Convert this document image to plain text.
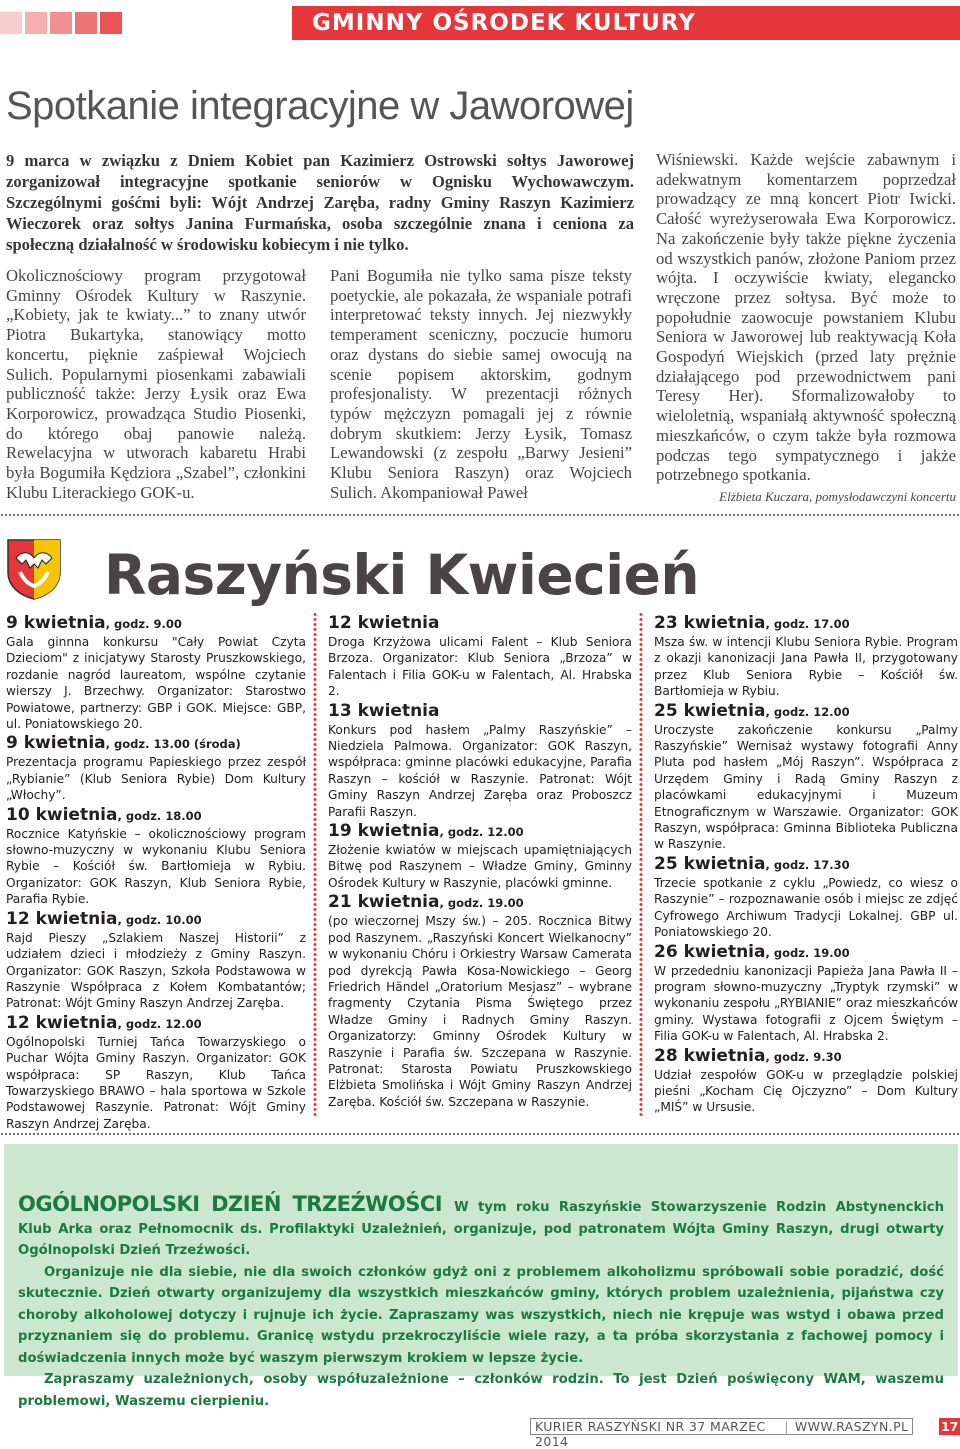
GMINNY OŚRODEK KULTURY
Spotkanie integracyjne w Jaworowej

9 marca w związku z Dniem Kobiet pan Kazimierz Ostrowski sołtys Jaworowej zorganizował integracyjne spotkanie seniorów w Ognisku Wychowawczym. Szczególnymi gośćmi byli: Wójt Andrzej Zaręba, radny Gminy Raszyn Kazimierz Wieczorek oraz sołtys Janina Furmańska, osoba szczególnie znana i ceniona za społeczną działalność w środowisku kobiecym i nie tylko.

Okolicznościowy program przygotował Gminny Ośrodek Kultury w Raszynie. „Kobiety, jak te kwiaty...” to znany utwór Piotra Bukartyka, stanowiący motto koncertu, pięknie zaśpiewał Wojciech Sulich. Popularnymi piosenkami zabawiali publiczność także: Jerzy Łysik oraz Ewa Korporowicz, prowadząca Studio Piosenki, do którego obaj panowie należą. Rewelacyjna w utworach kabaretu Hrabi była Bogumiła Kędziora „Szabel”, członkini Klubu Literackiego GOK-u.

Pani Bogumiła nie tylko sama pisze teksty poetyckie, ale pokazała, że wspaniale potrafi interpretować teksty innych. Jej niezwykły temperament sceniczny, poczucie humoru oraz dystans do siebie samej owocują na scenie popisem aktorskim, godnym profesjonalisty. W prezentacji różnych typów mężczyzn pomagali jej z równie dobrym skutkiem: Jerzy Łysik, Tomasz Lewandowski (z zespołu „Barwy Jesieni” Klubu Seniora Raszyn) oraz Wojciech Sulich. Akompaniował Paweł

Wiśniewski. Każde wejście zabawnym i adekwatnym komentarzem poprzedzał prowadzący ze mną koncert Piotr Iwicki. Całość wyreżyserowała Ewa Korporowicz. Na zakończenie były także piękne życzenia od wszystkich panów, złożone Paniom przez wójta. I oczywiście kwiaty, elegancko wręczone przez sołtysa. Być może to popołudnie zaowocuje powstaniem Klubu Seniora w Jaworowej lub reaktywacją Koła Gospodyń Wiejskich (przed laty prężnie działającego pod przewodnictwem pani Teresy Her). Sformalizowałoby to wieloletnią, wspaniałą aktywność społeczną mieszkańców, o czym także była rozmowa podczas tego sympatycznego i jakże potrzebnego spotkania.
Elżbieta Kuczara, pomysłodawczyni koncertu
Raszyński Kwiecień
9 kwietnia, godz. 9.00
Gala ginnna konkursu "Cały Powiat Czyta Dzieciom" z inicjatywy Starosty Pruszkowskiego, rozdanie nagród laureatom, wspólne czytanie wierszy J. Brzechwy. Organizator: Starostwo Powiatowe, partnerzy: GBP i GOK. Miejsce: GBP, ul. Poniatowskiego 20.
9 kwietnia, godz. 13.00 (środa)
Prezentacja programu Papieskiego przez zespół „Rybianie” (Klub Seniora Rybie) Dom Kultury „Włochy”.
10 kwietnia, godz. 18.00
Rocznice Katyńskie – okolicznościowy program słowno-muzyczny w wykonaniu Klubu Seniora Rybie – Kościół św. Bartłomieja w Rybiu. Organizator: GOK Raszyn, Klub Seniora Rybie, Parafia Rybie.
12 kwietnia, godz. 10.00
Rajd Pieszy „Szlakiem Naszej Historii” z udziałem dzieci i młodzieży z Gminy Raszyn. Organizator: GOK Raszyn, Szkoła Podstawowa w Raszynie Współpraca z Kołem Kombatantów; Patronat: Wójt Gminy Raszyn Andrzej Zaręba.
12 kwietnia, godz. 12.00
Ogólnopolski Turniej Tańca Towarzyskiego o Puchar Wójta Gminy Raszyn. Organizator: GOK współpraca: SP Raszyn, Klub Tańca Towarzyskiego BRAWO – hala sportowa w Szkole Podstawowej Raszynie. Patronat: Wójt Gminy Raszyn Andrzej Zaręba.
12 kwietnia
Droga Krzyżowa ulicami Falent – Klub Seniora Brzoza. Organizator: Klub Seniora „Brzoza” w Falentach i Filia GOK-u w Falentach, Al. Hrabska 2.
13 kwietnia
Konkurs pod hasłem „Palmy Raszyńskie” – Niedziela Palmowa. Organizator: GOK Raszyn, współpraca: gminne placówki edukacyjne, Parafia Raszyn – kościół w Raszynie. Patronat: Wójt Gminy Raszyn Andrzej Zaręba oraz Proboszcz Parafii Raszyn.
19 kwietnia, godz. 12.00
Złożenie kwiatów w miejscach upamiętniających Bitwę pod Raszynem – Władze Gminy, Gminny Ośrodek Kultury w Raszynie, placówki gminne.
21 kwietnia, godz. 19.00
(po wieczornej Mszy św.) – 205. Rocznica Bitwy pod Raszynem. „Raszyński Koncert Wielkanocny” w wykonaniu Chóru i Orkiestry Warsaw Camerata pod dyrekcją Pawła Kosa-Nowickiego – Georg Friedrich Händel „Oratorium Mesjasz” – wybrane fragmenty Czytania Pisma Świętego przez Władze Gminy i Radnych Gminy Raszyn. Organizatorzy: Gminny Ośrodek Kultury w Raszynie i Parafia św. Szczepana w Raszynie. Patronat: Starosta Powiatu Pruszkowskiego Elżbieta Smolińska i Wójt Gminy Raszyn Andrzej Zaręba. Kościół św. Szczepana w Raszynie.
23 kwietnia, godz. 17.00
Msza św. w intencji Klubu Seniora Rybie. Program z okazji kanonizacji Jana Pawła II, przygotowany przez Klub Seniora Rybie – Kościół św. Bartłomieja w Rybiu.
25 kwietnia, godz. 12.00
Uroczyste zakończenie konkursu „Palmy Raszyńskie” Wernisaż wystawy fotografii Anny Pluta pod hasłem „Mój Raszyn”. Współpraca z Urzędem Gminy i Radą Gminy Raszyn z placówkami edukacyjnymi i Muzeum Etnograficznym w Warszawie. Organizator: GOK Raszyn, współpraca: Gminna Biblioteka Publiczna w Raszynie.
25 kwietnia, godz. 17.30
Trzecie spotkanie z cyklu „Powiedz, co wiesz o Raszynie” – rozpoznawanie osób i miejsc ze zdjęć Cyfrowego Archiwum Tradycji Lokalnej. GBP ul. Poniatowskiego 20.
26 kwietnia, godz. 19.00
W przededniu kanonizacji Papieża Jana Pawła II – program słowno-muzyczny „Tryptyk rzymski” w wykonaniu zespołu „RYBIANIE” oraz mieszkańców gminy. Wystawa fotografii z Ojcem Świętym – Filia GOK-u w Falentach, Al. Hrabska 2.
28 kwietnia, godz. 9.30
Udział zespołów GOK-u w przeglądzie polskiej pieśni „Kocham Cię Ojczyzno” – Dom Kultury „MIŚ” w Ursusie.

OGÓLNOPOLSKI DZIEŃ TRZEŹWOŚCI W tym roku Raszyńskie Stowarzyszenie Rodzin Abstynenckich Klub Arka oraz Pełnomocnik ds. Profilaktyki Uzależnień, organizuje, pod patronatem Wójta Gminy Raszyn, drugi otwarty Ogólnopolski Dzień Trzeźwości.

Organizuje nie dla siebie, nie dla swoich członków gdyż oni z problemem alkoholizmu spróbowali sobie poradzić, dość skutecznie. Dzień otwarty organizujemy dla wszystkich mieszkańców gminy, których problem uzależnienia, pijaństwa czy choroby alkoholowej dotyczy i rujnuje ich życie. Zapraszamy was wszystkich, niech nie krępuje was wstyd i obawa przed przyznaniem się do problemu. Granicę wstydu przekroczyliście wiele razy, a ta próba skorzystania z fachowej pomocy i doświadczenia innych może być waszym pierwszym krokiem w lepsze życie.

Zapraszamy uzależnionych, osoby współuzależnione – członków rodzin. To jest Dzień poświęcony WAM, waszemu problemowi, Waszemu cierpieniu.

KURIER RASZYŃSKI NR 37 MARZEC 2014
| WWW.RASZYN.PL	17
